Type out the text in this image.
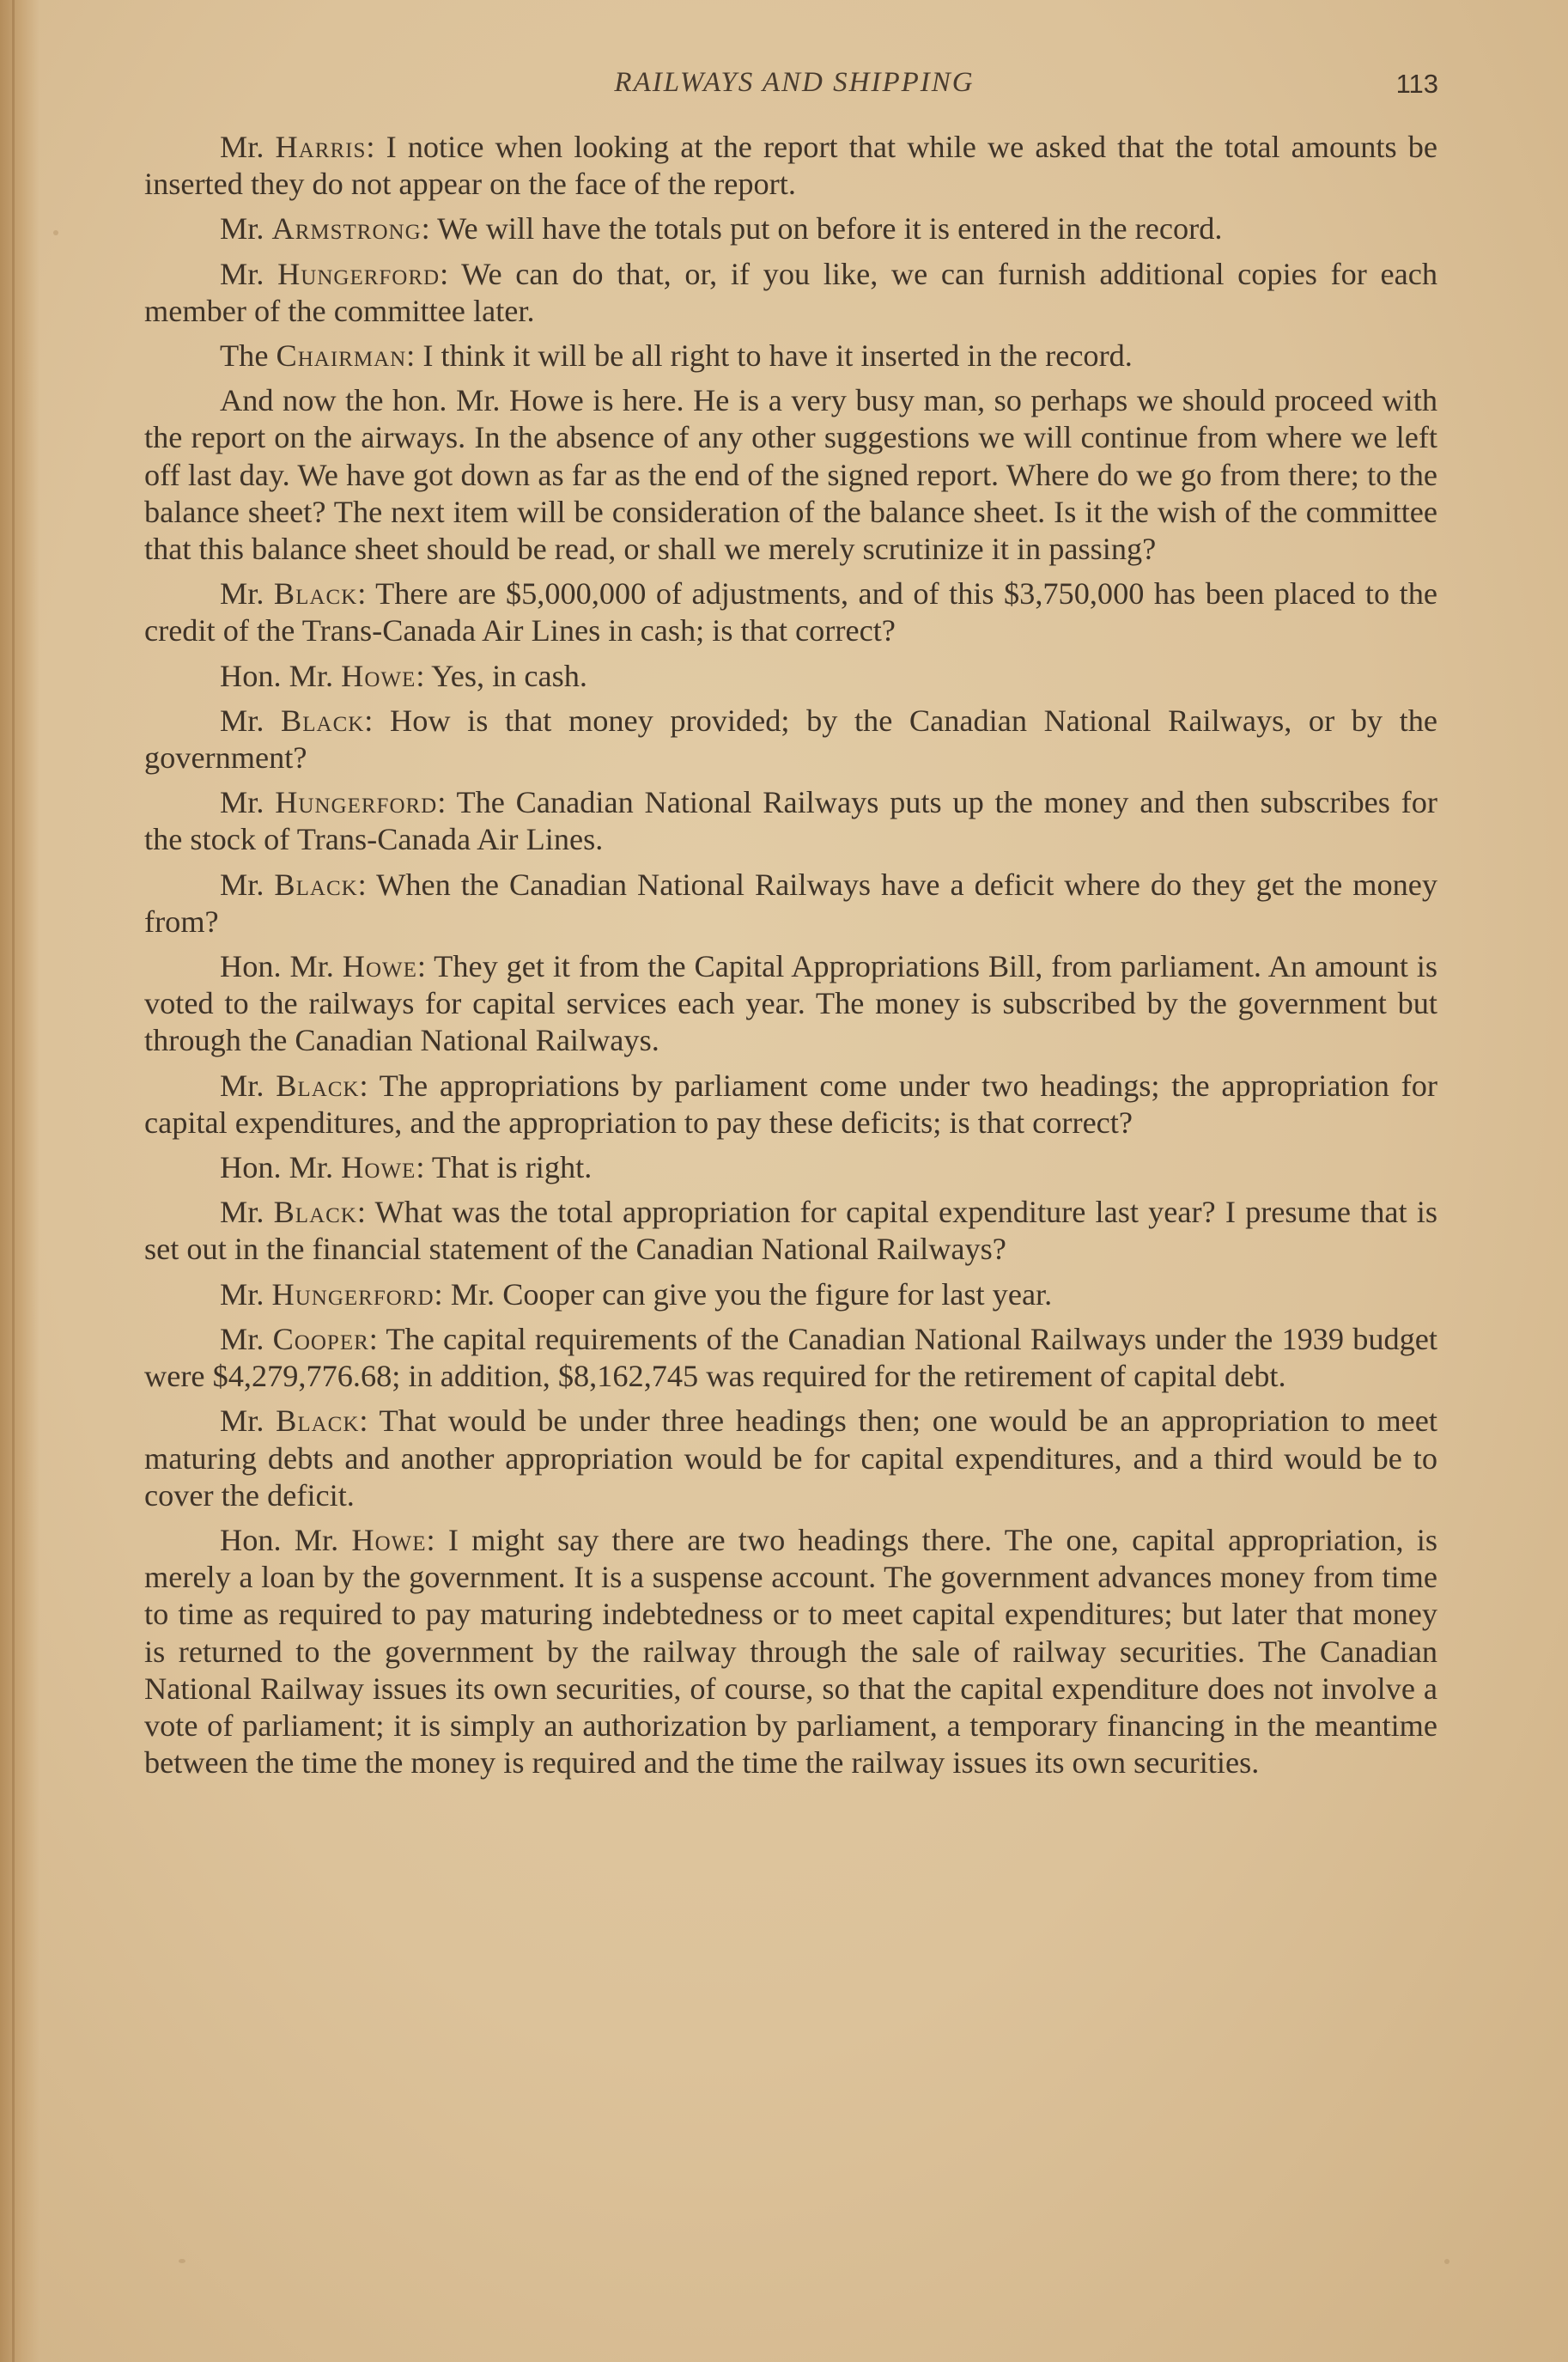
RAILWAYS AND SHIPPING	113

Mr. Harris: I notice when looking at the report that while we asked that the total amounts be inserted they do not appear on the face of the report.

Mr. Armstrong: We will have the totals put on before it is entered in the record.

Mr. Hungerford: We can do that, or, if you like, we can furnish additional copies for each member of the committee later.

The Chairman: I think it will be all right to have it inserted in the record.

And now the hon. Mr. Howe is here. He is a very busy man, so perhaps we should proceed with the report on the airways. In the absence of any other suggestions we will continue from where we left off last day. We have got down as far as the end of the signed report. Where do we go from there; to the balance sheet? The next item will be consideration of the balance sheet. Is it the wish of the committee that this balance sheet should be read, or shall we merely scrutinize it in passing?

Mr. Black: There are $5,000,000 of adjustments, and of this $3,750,000 has been placed to the credit of the Trans-Canada Air Lines in cash; is that correct?

Hon. Mr. Howe: Yes, in cash.

Mr. Black: How is that money provided; by the Canadian National Railways, or by the government?

Mr. Hungerford: The Canadian National Railways puts up the money and then subscribes for the stock of Trans-Canada Air Lines.

Mr. Black: When the Canadian National Railways have a deficit where do they get the money from?

Hon. Mr. Howe: They get it from the Capital Appropriations Bill, from parliament. An amount is voted to the railways for capital services each year. The money is subscribed by the government but through the Canadian National Railways.

Mr. Black: The appropriations by parliament come under two headings; the appropriation for capital expenditures, and the appropriation to pay these deficits; is that correct?

Hon. Mr. Howe: That is right.

Mr. Black: What was the total appropriation for capital expenditure last year? I presume that is set out in the financial statement of the Canadian National Railways?

Mr. Hungerford: Mr. Cooper can give you the figure for last year.

Mr. Cooper: The capital requirements of the Canadian National Railways under the 1939 budget were $4,279,776.68; in addition, $8,162,745 was required for the retirement of capital debt.

Mr. Black: That would be under three headings then; one would be an appropriation to meet maturing debts and another appropriation would be for capital expenditures, and a third would be to cover the deficit.

Hon. Mr. Howe: I might say there are two headings there. The one, capital appropriation, is merely a loan by the government. It is a suspense account. The government advances money from time to time as required to pay maturing indebtedness or to meet capital expenditures; but later that money is returned to the government by the railway through the sale of railway securities. The Canadian National Railway issues its own securities, of course, so that the capital expenditure does not involve a vote of parliament; it is simply an authorization by parliament, a temporary financing in the meantime between the time the money is required and the time the railway issues its own securities.
